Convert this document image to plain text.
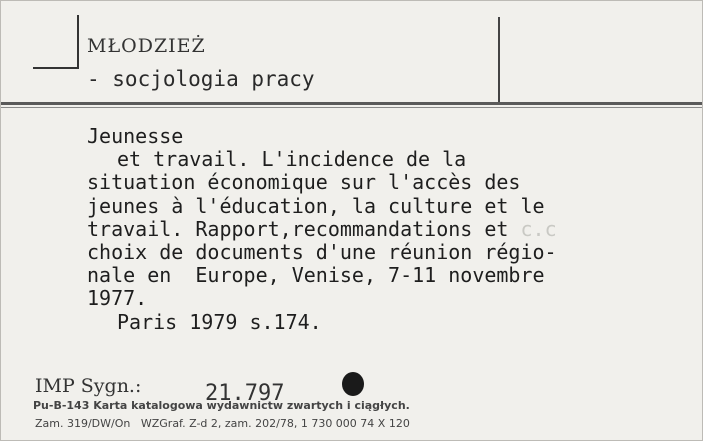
MŁODZIEŻ
- socjologia pracy
Jeunesse
et travail. L'incidence de la
situation économique sur l'accès des
jeunes à l'éducation, la culture et le
travail. Rapport,recommandations et c.c
choix de documents d'une réunion régio-
nale en  Europe, Venise, 7-11 novembre
1977.
Paris 1979 s.174.
IMP Sygn.:	21.797
Pu-B-143 Karta katalogowa wydawnictw zwartych i ciągłych.
Zam. 319/DW/On   WZGraf. Z-d 2, zam. 202/78, 1 730 000 74 X 120
